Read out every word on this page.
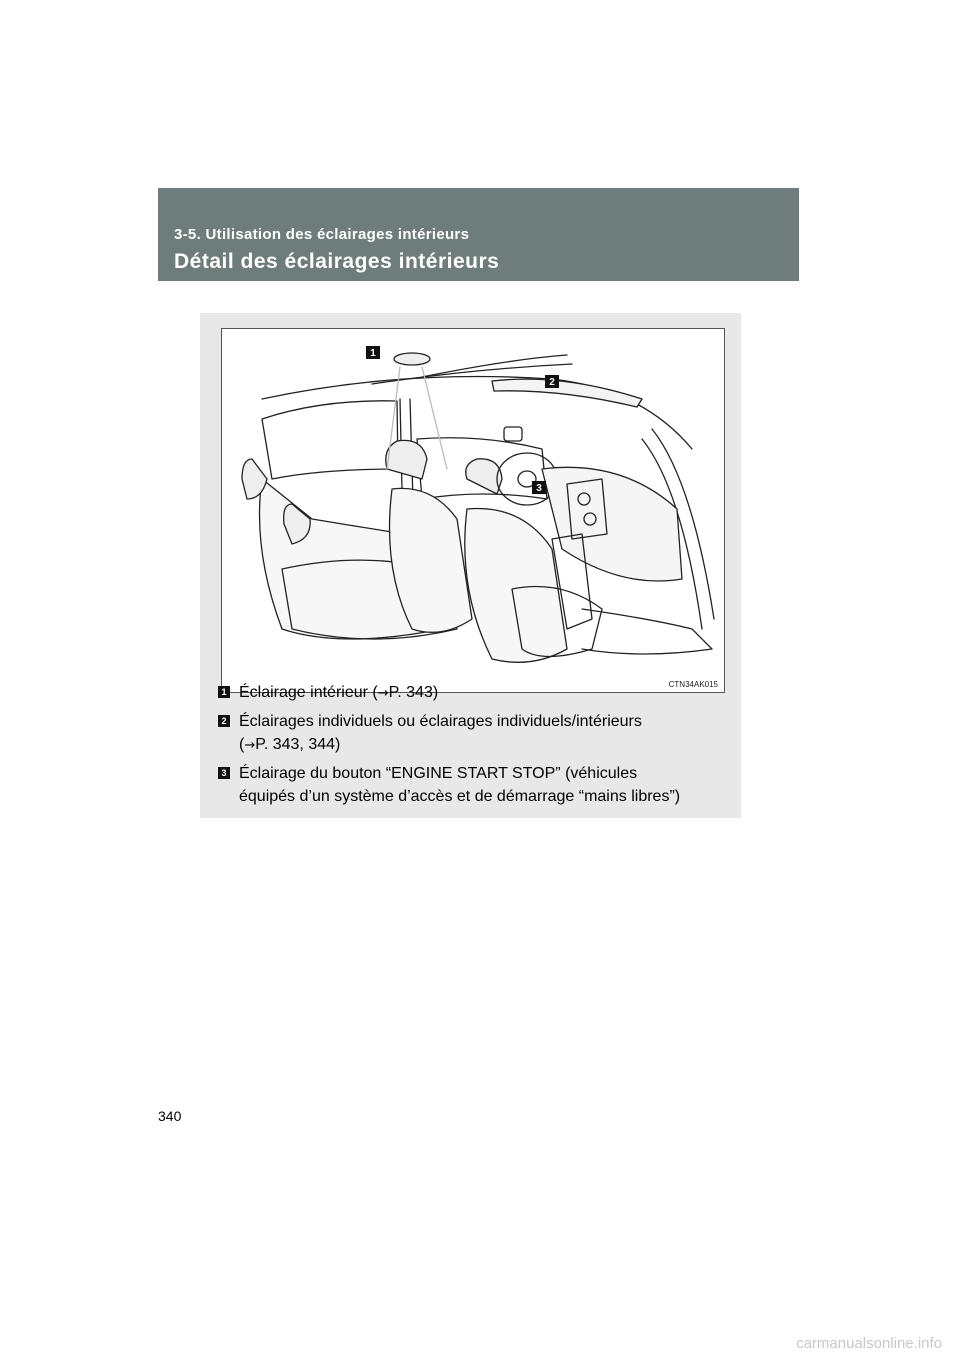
3-5. Utilisation des éclairages intérieurs
Détail des éclairages intérieurs
1
2
3
CTN34AK015
1 Éclairage intérieur (→P. 343)
2 Éclairages individuels ou éclairages individuels/intérieurs
(→P. 343, 344)
3 Éclairage du bouton “ENGINE START STOP” (véhicules
équipés d’un système d’accès et de démarrage “mains libres”)
340
carmanualsonline.info
